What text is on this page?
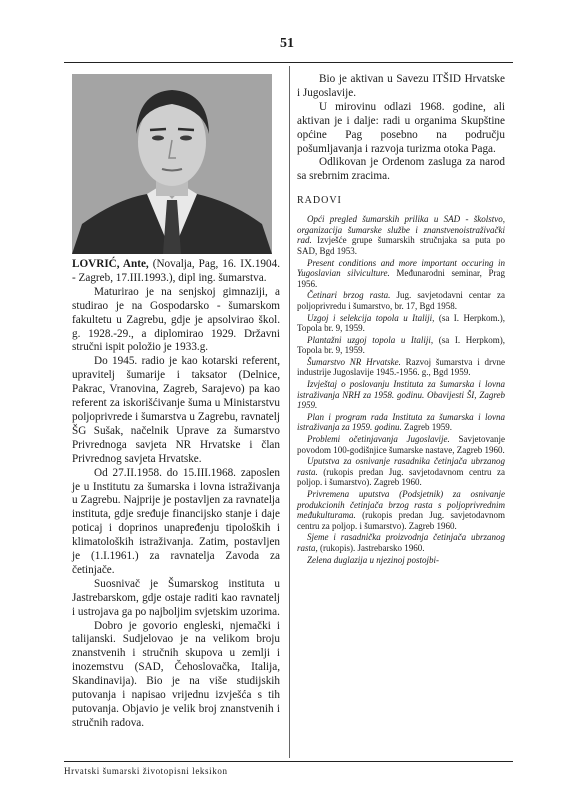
51

LOVRIĆ, Ante, (Novalja, Pag, 16. IX.1904. - Zagreb, 17.III.1993.), dipl ing. šumarstva.

Maturirao je na senjskoj gimnaziji, a studirao je na Gospodarsko - šumarskom fakultetu u Zagrebu, gdje je apsolvirao škol. g. 1928.-29., a diplomirao 1929. Državni stručni ispit položio je 1933.g.

Do 1945. radio je kao kotarski referent, upravitelj šumarije i taksator (Delnice, Pakrac, Vranovina, Zagreb, Sarajevo) pa kao referent za iskorišćivanje šuma u Ministarstvu poljoprivrede i šumarstva u Zagrebu, ravnatelj ŠG Sušak, načelnik Uprave za šumarstvo Privrednoga savjeta NR Hrvatske i član Privrednog savjeta Hrvatske.

Od 27.II.1958. do 15.III.1968. zaposlen je u Institutu za šumarska i lovna istraživanja u Zagrebu. Najprije je postavljen za ravnatelja instituta, gdje sređuje financijsko stanje i daje poticaj i doprinos unapređenju tipoloških i klimatoloških istraživanja. Zatim, postavljen je (1.I.1961.) za ravnatelja Zavoda za četinjače.

Suosnivač je Šumarskog instituta u Jastrebarskom, gdje ostaje raditi kao ravnatelj i ustrojava ga po najboljim svjetskim uzorima.

Dobro je govorio engleski, njemački i talijanski. Sudjelovao je na velikom broju znanstvenih i stručnih skupova u zemlji i inozemstvu (SAD, Čehoslovačka, Italija, Skandinavija). Bio je na više studijskih putovanja i napisao vrijednu izvješća s tih putovanja. Objavio je velik broj znanstvenih i stručnih radova.

Bio je aktivan u Savezu ITŠID Hrvatske i Jugoslavije.

U mirovinu odlazi 1968. godine, ali aktivan je i dalje: radi u organima Skupštine općine Pag posebno na području pošumljavanja i razvoja turizma otoka Paga.

Odlikovan je Ordenom zasluga za narod sa srebrnim zracima.

RADOVI

Opći pregled šumarskih prilika u SAD - školstvo, organizacija šumarske službe i znanstvenoistraživački rad. Izvješće grupe šumarskih stručnjaka sa puta po SAD, Bgd 1953.

Present conditions and more important occuring in Yugoslavian silviculture. Međunarodni seminar, Prag 1956.

Četinari brzog rasta. Jug. savjetodavni centar za poljoprivredu i šumarstvo, br. 17, Bgd 1958.

Uzgoj i selekcija topola u Italiji, (sa I. Herpkom.), Topola br. 9, 1959.

Plantažni uzgoj topola u Italiji, (sa I. Herpkom), Topola br. 9, 1959.

Šumarstvo NR Hrvatske. Razvoj šumarstva i drvne industrije Jugoslavije 1945.-1956. g., Bgd 1959.

Izvještaj o poslovanju Instituta za šumarska i lovna istraživanja NRH za 1958. godinu. Obavijesti ŠI, Zagreb 1959.

Plan i program rada Instituta za šumarska i lovna istraživanja za 1959. godinu. Zagreb 1959.

Problemi očetinjavanja Jugoslavije. Savjetovanje povodom 100-godišnjice šumarske nastave, Zagreb 1960.

Uputstva za osnivanje rasadnika četinjača ubrzanog rasta. (rukopis predan Jug. savjetodavnom centru za poljop. i šumarstvo). Zagreb 1960.

Privremena uputstva (Podsjetnik) za osnivanje produkcionih četinjača brzog rasta s poljoprivrednim međukulturama. (rukopis predan Jug. savjetodavnom centru za poljop. i šumarstvo). Zagreb 1960.

Sjeme i rasadnička proizvodnja četinjača ubrzanog rasta, (rukopis). Jastrebarsko 1960.

Zelena duglazija u njezinoj postojbi-

Hrvatski šumarski životopisni leksikon
